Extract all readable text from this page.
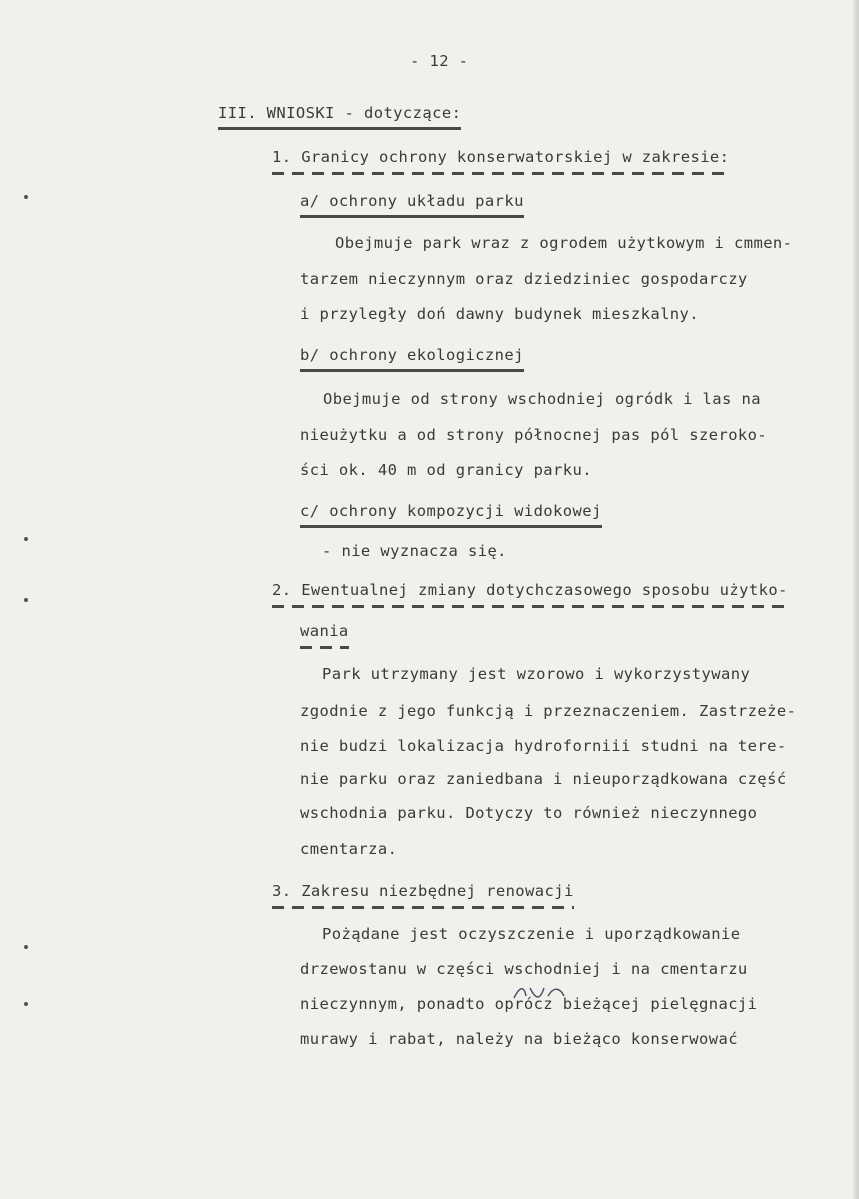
- 12 -
III. WNIOSKI - dotyczące:
1. Granicy ochrony konserwatorskiej w zakresie:
a/ ochrony układu parku
Obejmuje park wraz z ogrodem użytkowym i cmmen-
tarzem nieczynnym oraz dziedziniec gospodarczy
i przyległy doń dawny budynek mieszkalny.
b/ ochrony ekologicznej
Obejmuje od strony wschodniej ogródk i las na
nieużytku a od strony północnej pas pól szeroko-
ści ok. 40 m od granicy parku.
c/ ochrony kompozycji widokowej
- nie wyznacza się.
2. Ewentualnej zmiany dotychczasowego sposobu użytko-
wania
Park utrzymany jest wzorowo i wykorzystywany
zgodnie z jego funkcją i przeznaczeniem. Zastrzeże-
nie budzi lokalizacja hydroforniii studni na tere-
nie parku oraz zaniedbana i nieuporządkowana część
wschodnia parku. Dotyczy to również nieczynnego
cmentarza.
3. Zakresu niezbędnej renowacji
Pożądane jest oczyszczenie i uporządkowanie
drzewostanu w części wschodniej i na cmentarzu
nieczynnym, ponadto oprócz bieżącej pielęgnacji
murawy i rabat, należy na bieżąco konserwować
